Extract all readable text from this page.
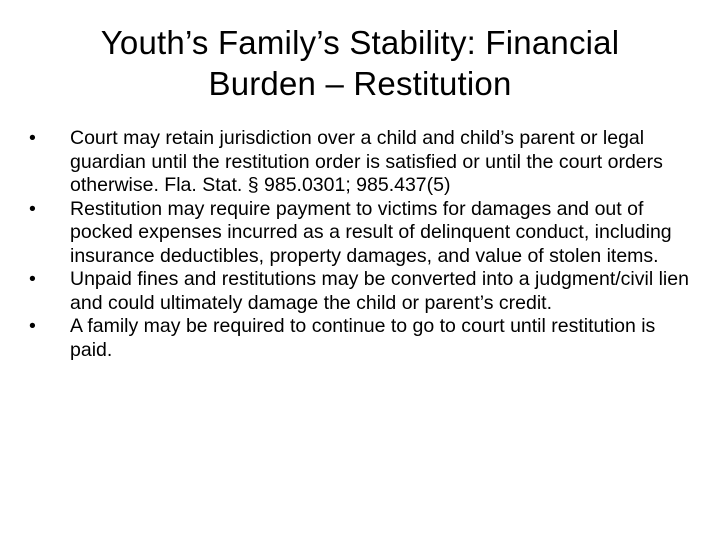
Youth’s Family’s Stability: Financial
Burden – Restitution
•	Court may retain jurisdiction over a child and child’s parent or legal guardian until the restitution order is satisfied or until the court orders otherwise. Fla. Stat. § 985.0301; 985.437(5)
•	Restitution may require payment to victims for damages and out of pocked expenses incurred as a result of delinquent conduct, including insurance deductibles, property damages, and value of stolen items.
•	Unpaid fines and restitutions may be converted into a judgment/civil lien and could ultimately damage the child or parent’s credit.
•	A family may be required to continue to go to court until restitution is paid.
